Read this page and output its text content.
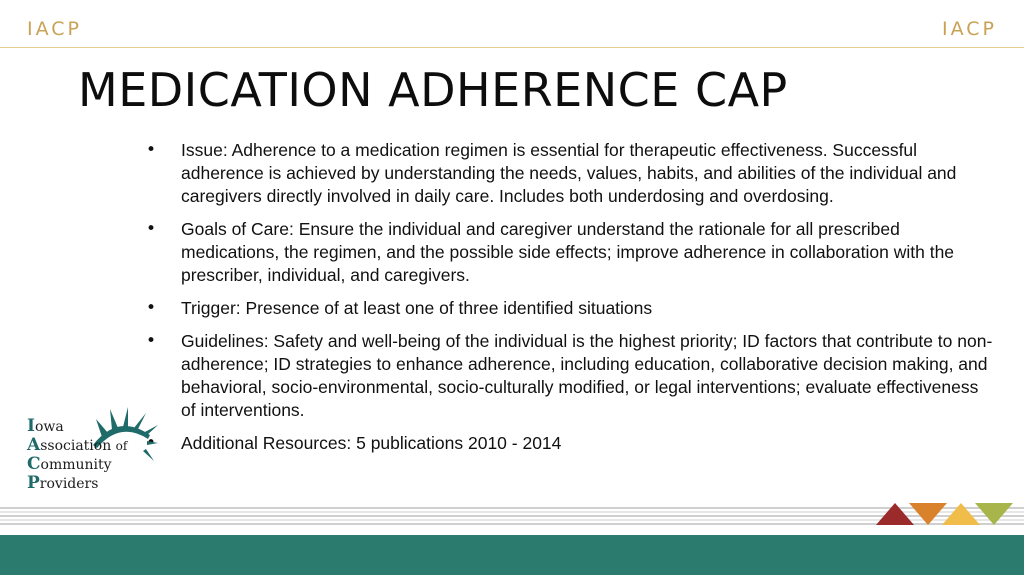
IACP	IACP
MEDICATION ADHERENCE CAP
•	Issue: Adherence to a medication regimen is essential for therapeutic effectiveness. Successful adherence is achieved by understanding the needs, values, habits, and abilities of the individual and caregivers directly involved in daily care. Includes both underdosing and overdosing.
•	Goals of Care: Ensure the individual and caregiver understand the rationale for all prescribed medications, the regimen, and the possible side effects; improve adherence in collaboration with the prescriber, individual, and caregivers.
•	Trigger: Presence of at least one of three identified situations
•	Guidelines: Safety and well-being of the individual is the highest priority; ID factors that contribute to non-adherence; ID strategies to enhance adherence, including education, collaborative decision making, and behavioral, socio-environmental, socio-culturally modified, or legal interventions; evaluate effectiveness of interventions.
Additional Resources: 5 publications 2010 - 2014
Iowa
Association of
Community
Providers
